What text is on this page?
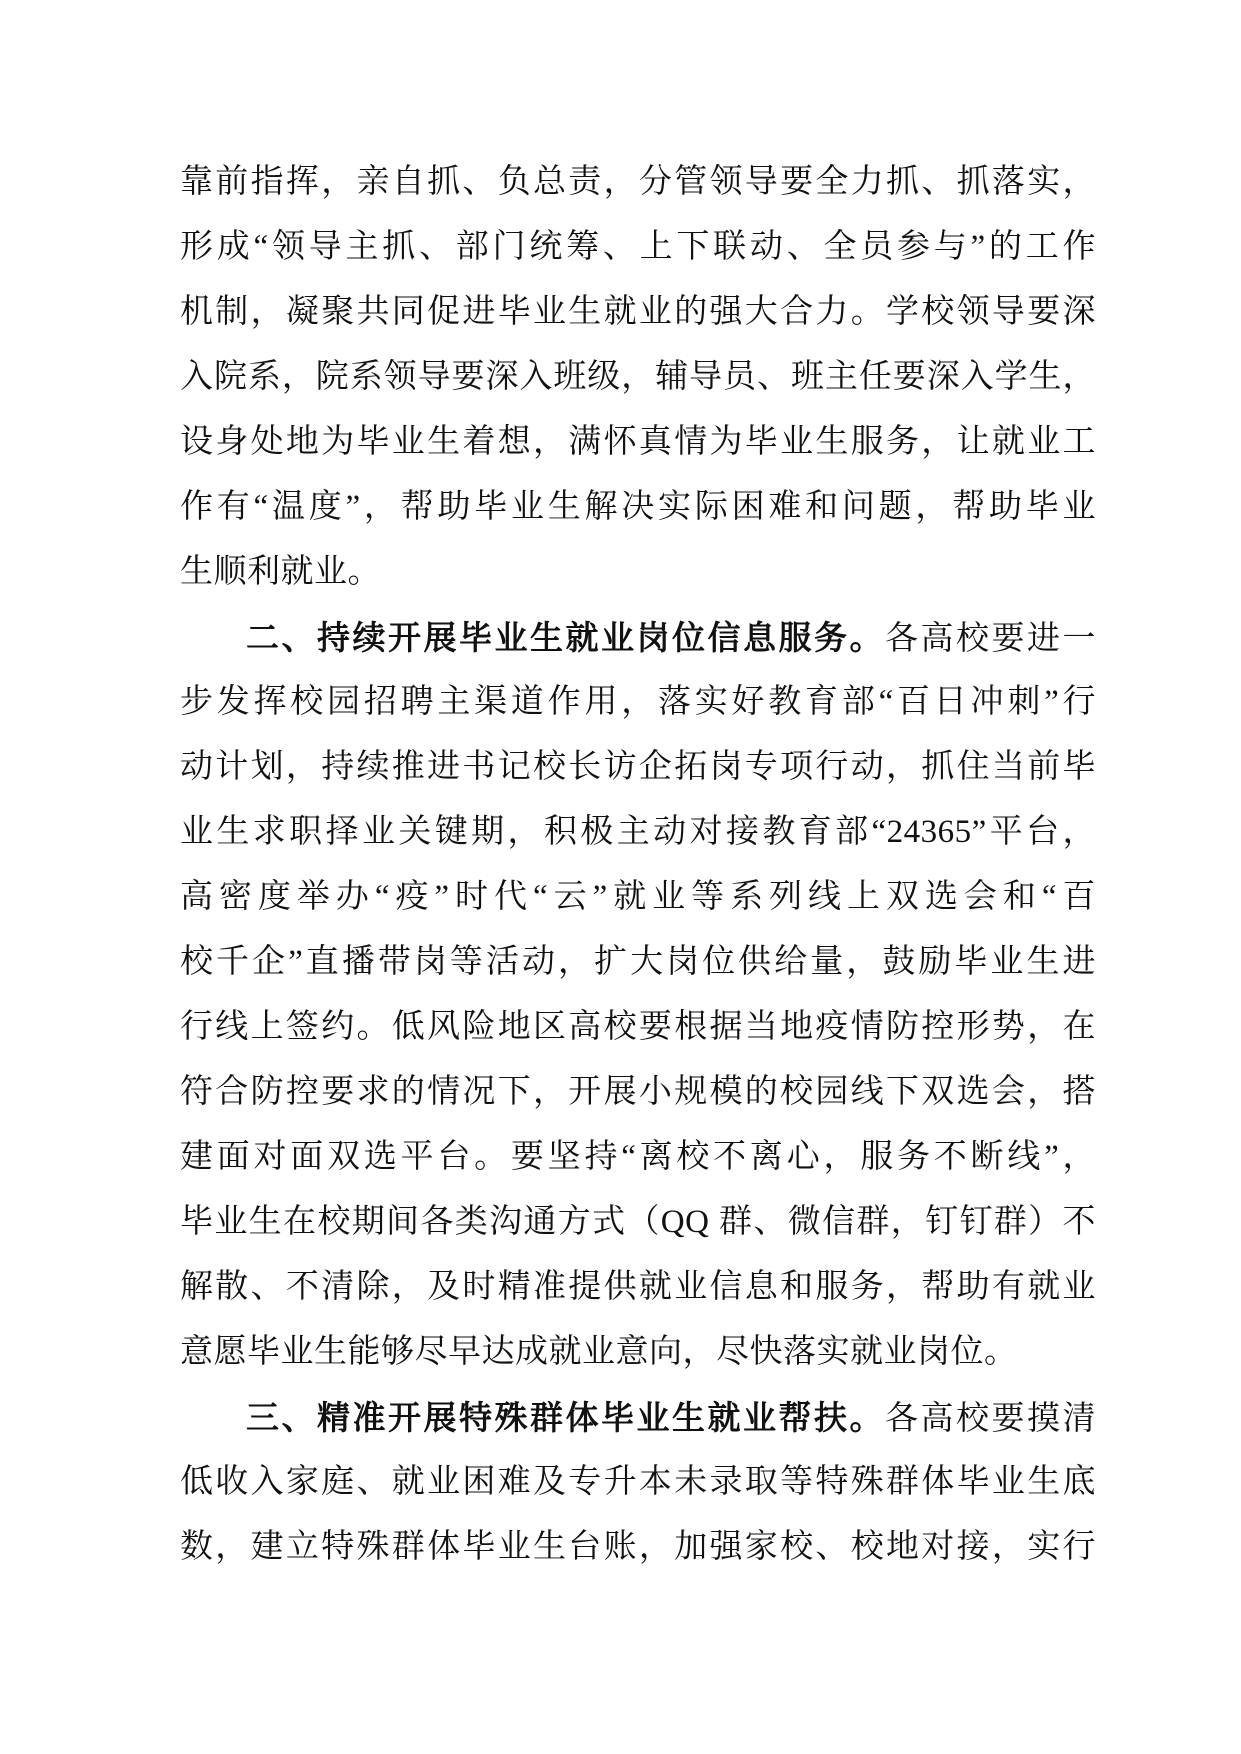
靠前指挥，亲自抓、负总责，分管领导要全力抓、抓落实，
形成“领导主抓、部门统筹、上下联动、全员参与”的工作
机制，凝聚共同促进毕业生就业的强大合力。学校领导要深
入院系，院系领导要深入班级，辅导员、班主任要深入学生，
设身处地为毕业生着想，满怀真情为毕业生服务，让就业工
作有“温度”，帮助毕业生解决实际困难和问题，帮助毕业
生顺利就业。
二、持续开展毕业生就业岗位信息服务。各高校要进一
步发挥校园招聘主渠道作用，落实好教育部“百日冲刺”行
动计划，持续推进书记校长访企拓岗专项行动，抓住当前毕
业生求职择业关键期，积极主动对接教育部“24365”平台，
高密度举办“疫”时代“云”就业等系列线上双选会和“百
校千企”直播带岗等活动，扩大岗位供给量，鼓励毕业生进
行线上签约。低风险地区高校要根据当地疫情防控形势，在
符合防控要求的情况下，开展小规模的校园线下双选会，搭
建面对面双选平台。要坚持“离校不离心，服务不断线”，
毕业生在校期间各类沟通方式（QQ 群、微信群，钉钉群）不
解散、不清除，及时精准提供就业信息和服务，帮助有就业
意愿毕业生能够尽早达成就业意向，尽快落实就业岗位。
三、精准开展特殊群体毕业生就业帮扶。各高校要摸清
低收入家庭、就业困难及专升本未录取等特殊群体毕业生底
数，建立特殊群体毕业生台账，加强家校、校地对接，实行
